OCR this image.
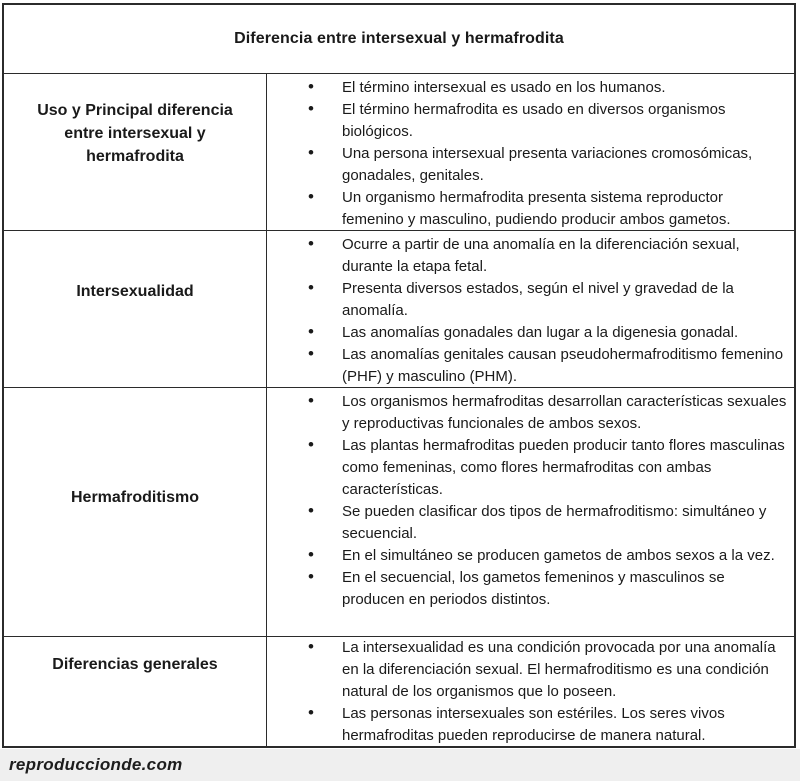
Diferencia entre intersexual y hermafrodita
Uso y Principal diferencia entre intersexual y hermafrodita
• El término intersexual es usado en los humanos.
• El término hermafrodita es usado en diversos organismos biológicos.
• Una persona intersexual presenta variaciones cromosómicas, gonadales, genitales.
• Un organismo hermafrodita presenta sistema reproductor femenino y masculino, pudiendo producir ambos gametos.
Intersexualidad
• Ocurre a partir de una anomalía en la diferenciación sexual, durante la etapa fetal.
• Presenta diversos estados, según el nivel y gravedad de la anomalía.
• Las anomalías gonadales dan lugar a la digenesia gonadal.
• Las anomalías genitales causan pseudohermafroditismo femenino (PHF) y masculino (PHM).
Hermafroditismo
• Los organismos hermafroditas desarrollan características sexuales y reproductivas funcionales de ambos sexos.
• Las plantas hermafroditas pueden producir tanto flores masculinas como femeninas, como flores hermafroditas con ambas características.
• Se pueden clasificar dos tipos de hermafroditismo: simultáneo y secuencial.
• En el simultáneo se producen gametos de ambos sexos a la vez.
• En el secuencial, los gametos femeninos y masculinos se producen en periodos distintos.
Diferencias generales
• La intersexualidad es una condición provocada por una anomalía en la diferenciación sexual. El hermafroditismo es una condición natural de los organismos que lo poseen.
• Las personas intersexuales son estériles. Los seres vivos hermafroditas pueden reproducirse de manera natural.
reproduccionde.com
